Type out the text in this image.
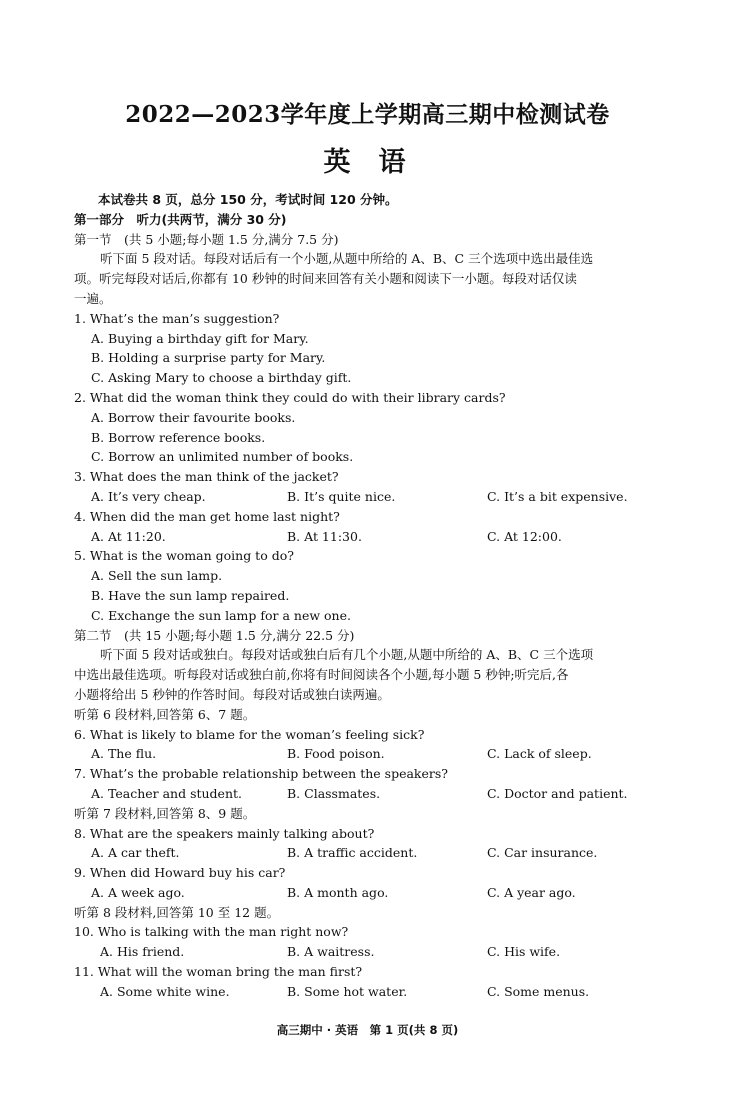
2022—2023学年度上学期高三期中检测试卷
英语
本试卷共 8 页，总分 150 分，考试时间 120 分钟。
第一部分　听力(共两节，满分 30 分)
第一节　(共 5 小题;每小题 1.5 分,满分 7.5 分)
听下面 5 段对话。每段对话后有一个小题,从题中所给的 A、B、C 三个选项中选出最佳选
项。听完每段对话后,你都有 10 秒钟的时间来回答有关小题和阅读下一小题。每段对话仅读
一遍。
1. What’s the man’s suggestion?
A. Buying a birthday gift for Mary.
B. Holding a surprise party for Mary.
C. Asking Mary to choose a birthday gift.
2. What did the woman think they could do with their library cards?
A. Borrow their favourite books.
B. Borrow reference books.
C. Borrow an unlimited number of books.
3. What does the man think of the jacket?
A. It’s very cheap.	B. It’s quite nice.	C. It’s a bit expensive.
4. When did the man get home last night?
A. At 11:20.	B. At 11:30.	C. At 12:00.
5. What is the woman going to do?
A. Sell the sun lamp.
B. Have the sun lamp repaired.
C. Exchange the sun lamp for a new one.
第二节　(共 15 小题;每小题 1.5 分,满分 22.5 分)
听下面 5 段对话或独白。每段对话或独白后有几个小题,从题中所给的 A、B、C 三个选项
中选出最佳选项。听每段对话或独白前,你将有时间阅读各个小题,每小题 5 秒钟;听完后,各
小题将给出 5 秒钟的作答时间。每段对话或独白读两遍。
听第 6 段材料,回答第 6、7 题。
6. What is likely to blame for the woman’s feeling sick?
A. The flu.	B. Food poison.	C. Lack of sleep.
7. What’s the probable relationship between the speakers?
A. Teacher and student.	B. Classmates.	C. Doctor and patient.
听第 7 段材料,回答第 8、9 题。
8. What are the speakers mainly talking about?
A. A car theft.	B. A traffic accident.	C. Car insurance.
9. When did Howard buy his car?
A. A week ago.	B. A month ago.	C. A year ago.
听第 8 段材料,回答第 10 至 12 题。
10. Who is talking with the man right now?
A. His friend.	B. A waitress.	C. His wife.
11. What will the woman bring the man first?
A. Some white wine.	B. Some hot water.	C. Some menus.
高三期中 · 英语　第 1 页(共 8 页)
